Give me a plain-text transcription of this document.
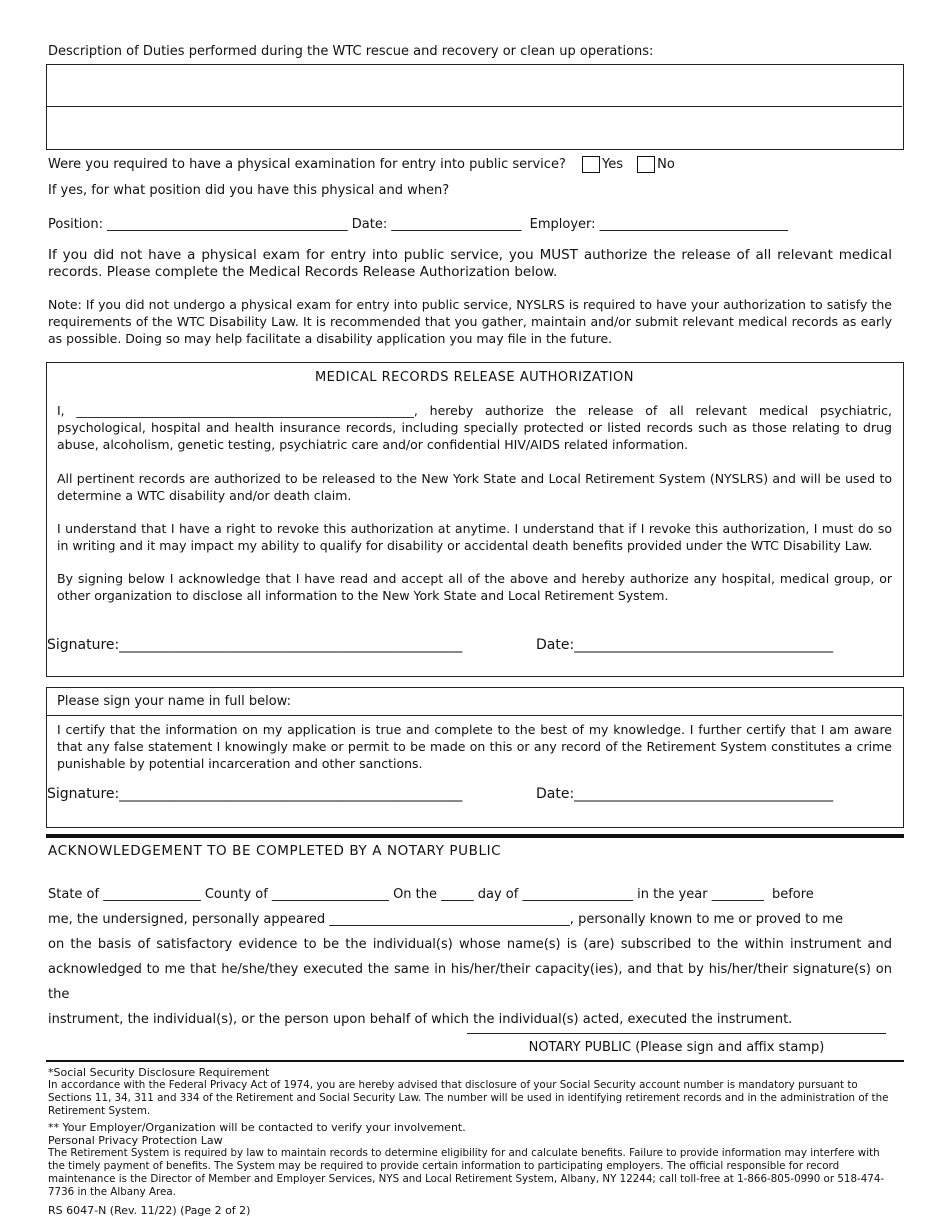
Description of Duties performed during the WTC rescue and recovery or clean up operations:
Were you required to have a physical examination for entry into public service?	Yes	No
If yes, for what position did you have this physical and when?
Position: _____________________________________ Date: ____________________ Employer: _____________________________

If you did not have a physical exam for entry into public service, you MUST authorize the release of all relevant medical records. Please complete the Medical Records Release Authorization below.

Note: If you did not undergo a physical exam for entry into public service, NYSLRS is required to have your authorization to satisfy the requirements of the WTC Disability Law. It is recommended that you gather, maintain and/or submit relevant medical records as early as possible. Doing so may help facilitate a disability application you may file in the future.

MEDICAL RECORDS RELEASE AUTHORIZATION

I, ______________________________________________________, hereby authorize the release of all relevant medical psychiatric, psychological, hospital and health insurance records, including specially protected or listed records such as those relating to drug abuse, alcoholism, genetic testing, psychiatric care and/or confidential HIV/AIDS related information.

All pertinent records are authorized to be released to the New York State and Local Retirement System (NYSLRS) and will be used to determine a WTC disability and/or death claim.

I understand that I have a right to revoke this authorization at anytime. I understand that if I revoke this authorization, I must do so in writing and it may impact my ability to qualify for disability or accidental death benefits provided under the WTC Disability Law.

By signing below I acknowledge that I have read and accept all of the above and hereby authorize any hospital, medical group, or other organization to disclose all information to the New York State and Local Retirement System.

Signature:_________________________________________________	Date:_____________________________________
Please sign your name in full below:

I certify that the information on my application is true and complete to the best of my knowledge. I further certify that I am aware that any false statement I knowingly make or permit to be made on this or any record of the Retirement System constitutes a crime punishable by potential incarceration and other sanctions.

Signature:_________________________________________________	Date:_____________________________________
ACKNOWLEDGEMENT TO BE COMPLETED BY A NOTARY PUBLIC
State of _______________ County of __________________ On the _____ day of _________________ in the year ________  before
me, the undersigned, personally appeared _____________________________________, personally known to me or proved to me
on the basis of satisfactory evidence to be the individual(s) whose name(s) is (are) subscribed to the within instrument and
acknowledged to me that he/she/they executed the same in his/her/their capacity(ies), and that by his/her/their signature(s) on the
instrument, the individual(s), or the person upon behalf of which the individual(s) acted, executed the instrument.
NOTARY PUBLIC (Please sign and affix stamp)
*Social Security Disclosure Requirement
In accordance with the Federal Privacy Act of 1974, you are hereby advised that disclosure of your Social Security account number is mandatory pursuant to Sections 11, 34, 311 and 334 of the Retirement and Social Security Law. The number will be used in identifying retirement records and in the administration of the Retirement System.
** Your Employer/Organization will be contacted to verify your involvement.
Personal Privacy Protection Law
The Retirement System is required by law to maintain records to determine eligibility for and calculate benefits. Failure to provide information may interfere with the timely payment of benefits. The System may be required to provide certain information to participating employers. The official responsible for record maintenance is the Director of Member and Employer Services, NYS and Local Retirement System, Albany, NY 12244; call toll-free at 1-866-805-0990 or 518-474-7736 in the Albany Area.
RS 6047-N (Rev. 11/22) (Page 2 of 2)
